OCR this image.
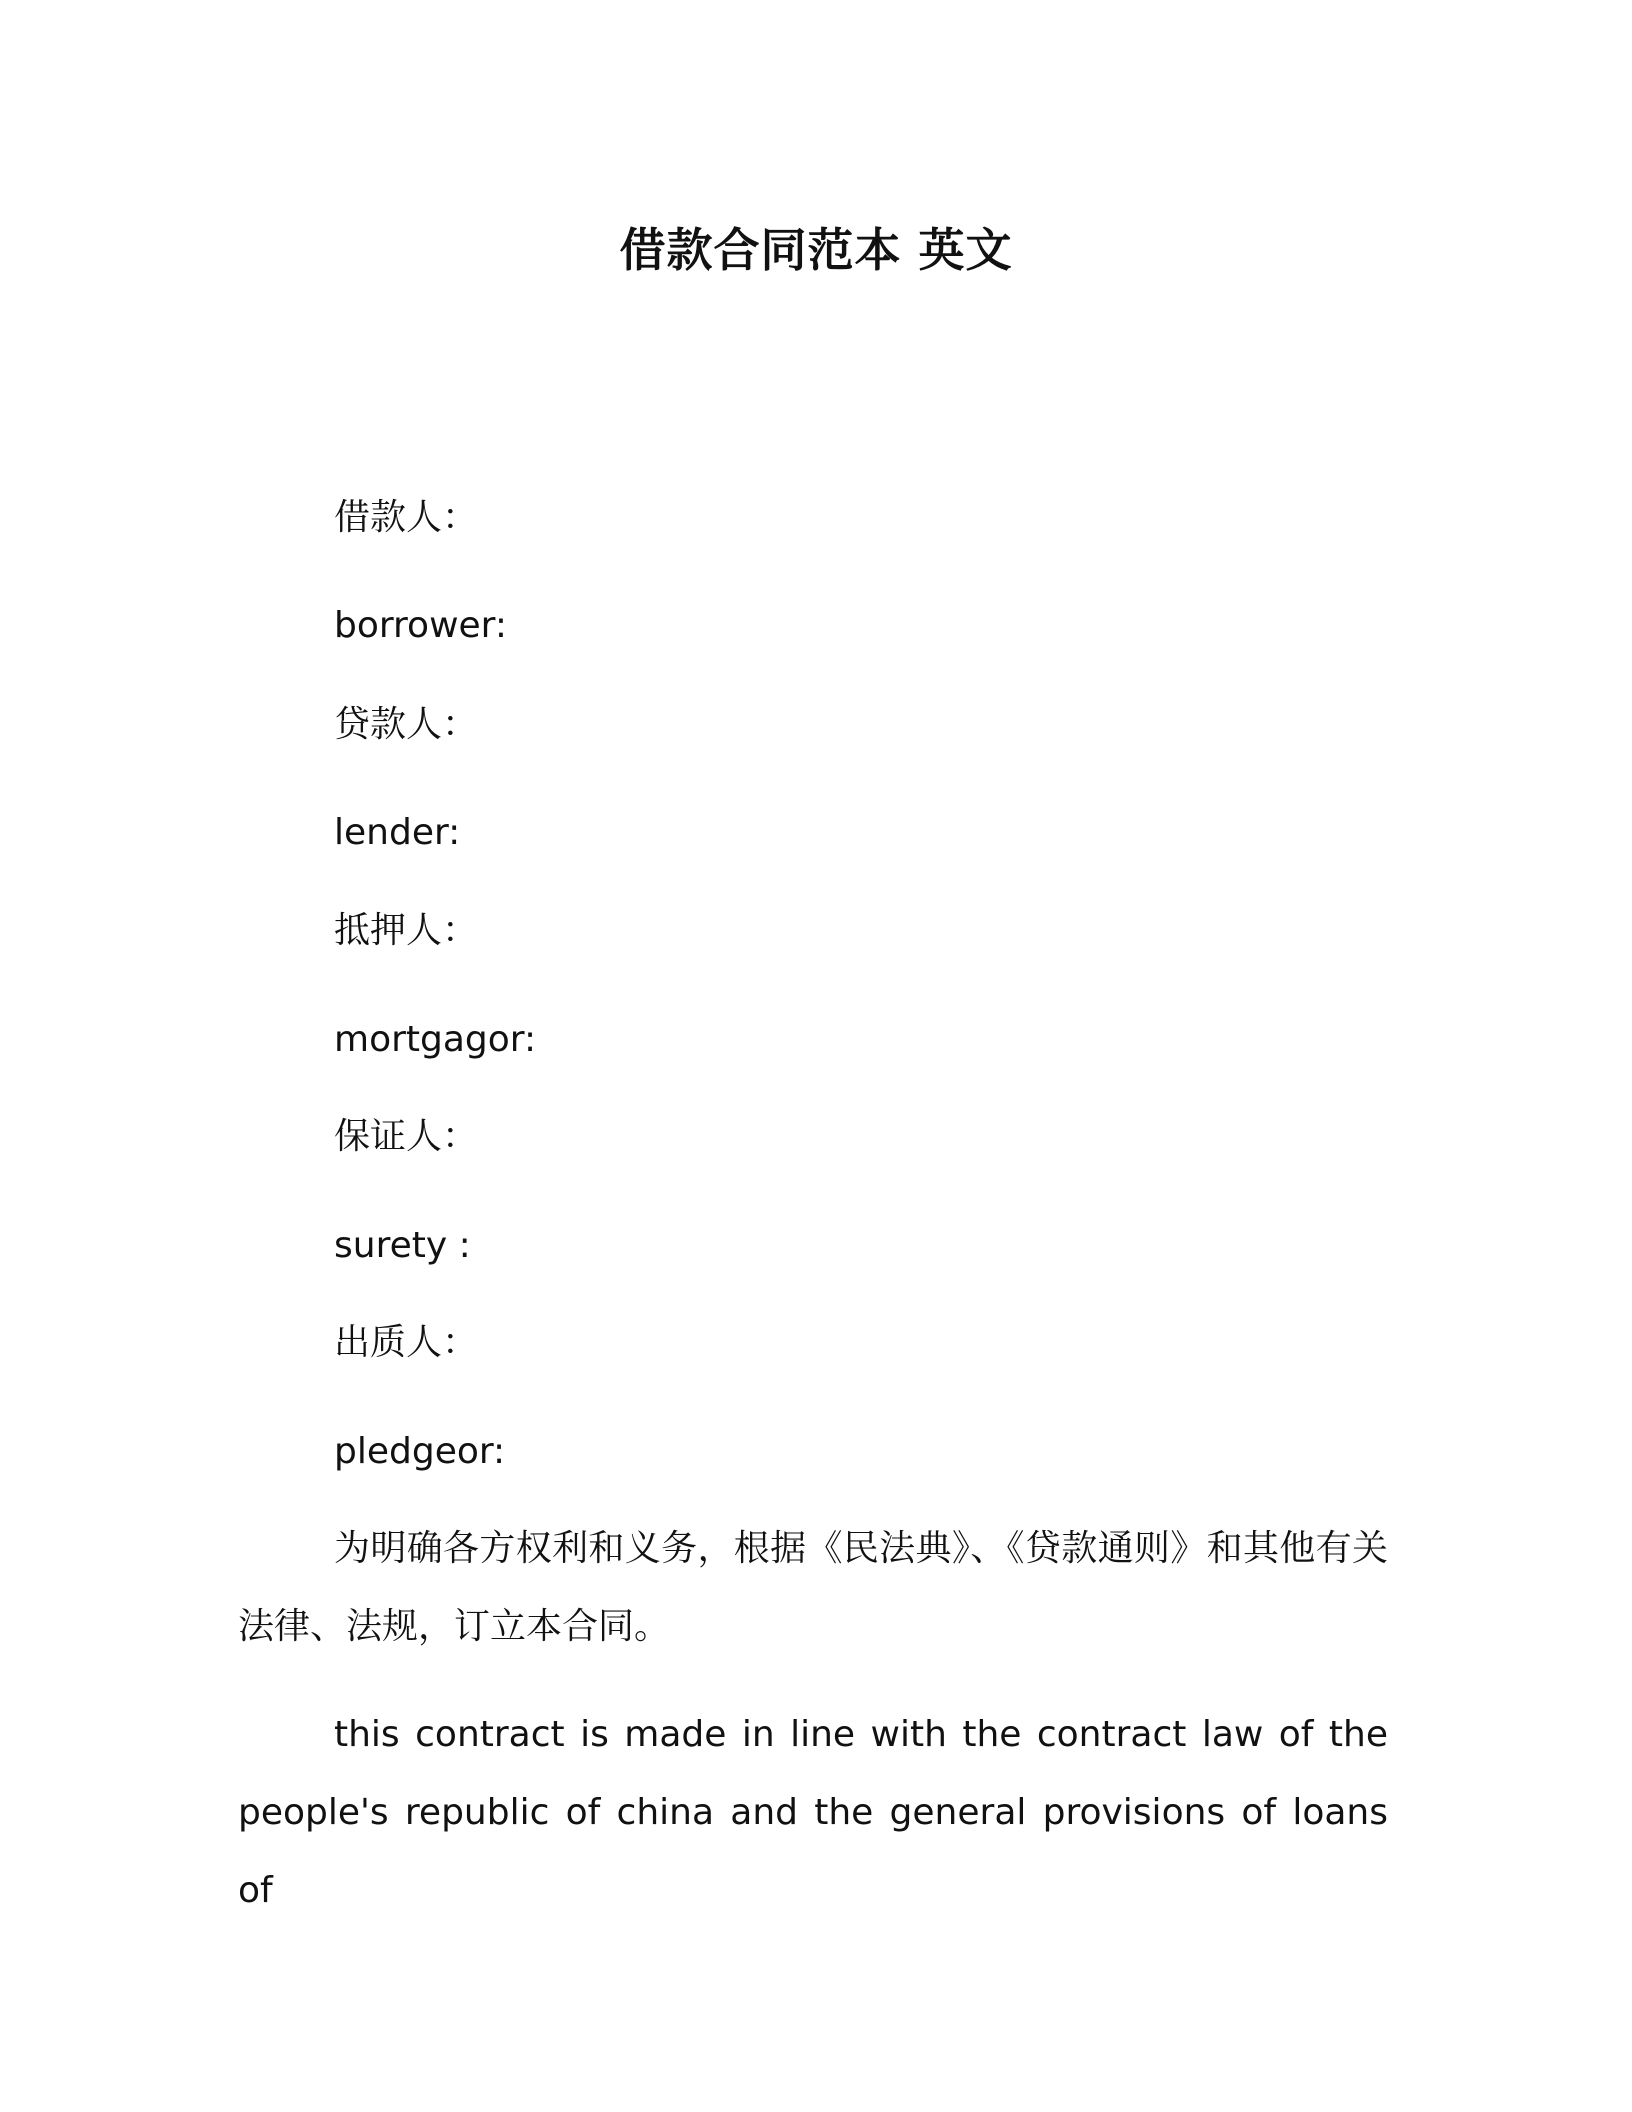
借款合同范本 英文
借款人：
borrower:
贷款人：
lender:
抵押人：
mortgagor:
保证人：
surety :
出质人：
pledgeor:
为明确各方权利和义务，根据《民法典》、《贷款通则》和其他有关法律、法规，订立本合同。
this contract is made in line with the contract law of the people's republic of china and the general provisions of loans of
